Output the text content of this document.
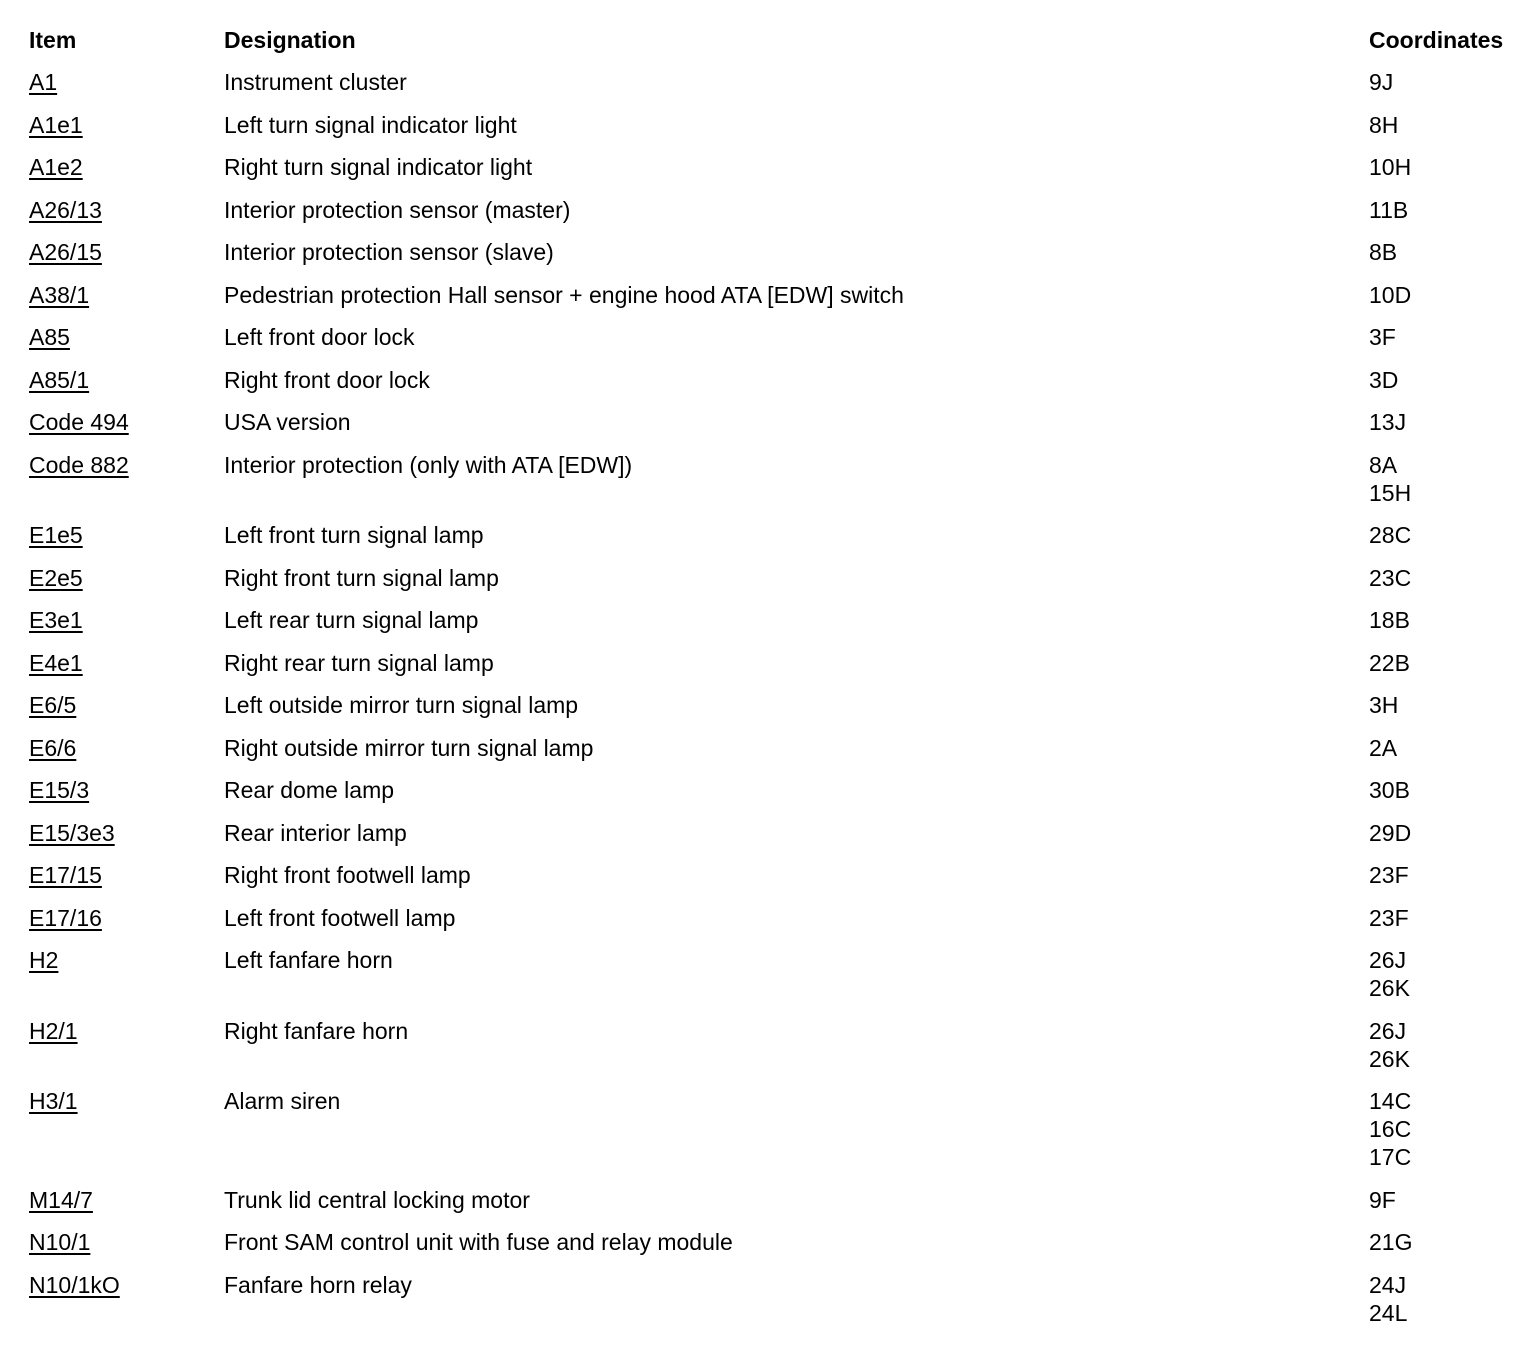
Item	Designation	Coordinates
A1	Instrument cluster	9J
A1e1	Left turn signal indicator light	8H
A1e2	Right turn signal indicator light	10H
A26/13	Interior protection sensor (master)	11B
A26/15	Interior protection sensor (slave)	8B
A38/1	Pedestrian protection Hall sensor + engine hood ATA [EDW] switch	10D
A85	Left front door lock	3F
A85/1	Right front door lock	3D
Code 494	USA version	13J
Code 882	Interior protection (only with ATA [EDW])	8A
15H
E1e5	Left front turn signal lamp	28C
E2e5	Right front turn signal lamp	23C
E3e1	Left rear turn signal lamp	18B
E4e1	Right rear turn signal lamp	22B
E6/5	Left outside mirror turn signal lamp	3H
E6/6	Right outside mirror turn signal lamp	2A
E15/3	Rear dome lamp	30B
E15/3e3	Rear interior lamp	29D
E17/15	Right front footwell lamp	23F
E17/16	Left front footwell lamp	23F
H2	Left fanfare horn	26J
26K
H2/1	Right fanfare horn	26J
26K
H3/1	Alarm siren	14C
16C
17C
M14/7	Trunk lid central locking motor	9F
N10/1	Front SAM control unit with fuse and relay module	21G
N10/1kO	Fanfare horn relay	24J
24L
